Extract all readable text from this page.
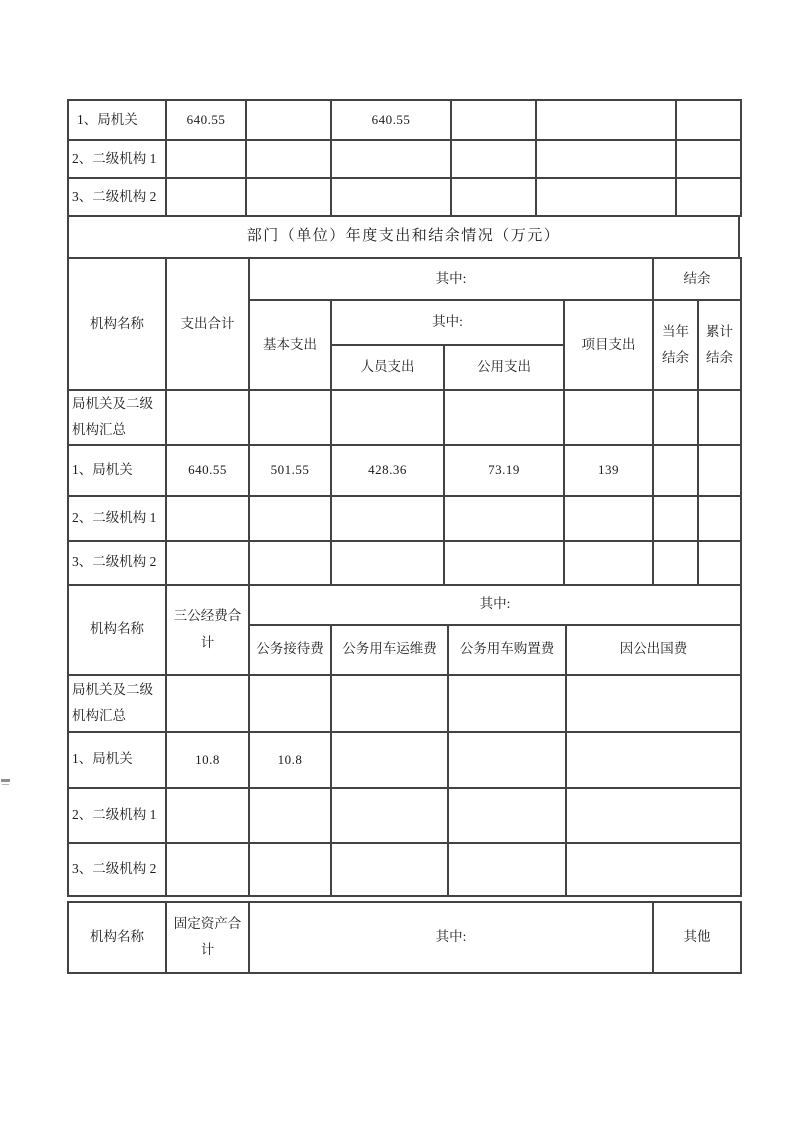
1、局机关	640.55		640.55			
2、二级机构 1						
3、二级机构 2						
部门（单位）年度支出和结余情况（万元）
机构名称	支出合计	其中:				结余	
		基本支出	其中:		项目支出	当年结余	累计结余
			人员支出	公用支出			
局机关及二级机构汇总							
1、局机关	640.55	501.55	428.36	73.19	139		
2、二级机构 1							
3、二级机构 2							
机构名称	三公经费合计	其中:			
		公务接待费	公务用车运维费	公务用车购置费	因公出国费
局机关及二级机构汇总					
1、局机关	10.8	10.8			
2、二级机构 1					
3、二级机构 2					
机构名称	固定资产合计	其中:	其他
